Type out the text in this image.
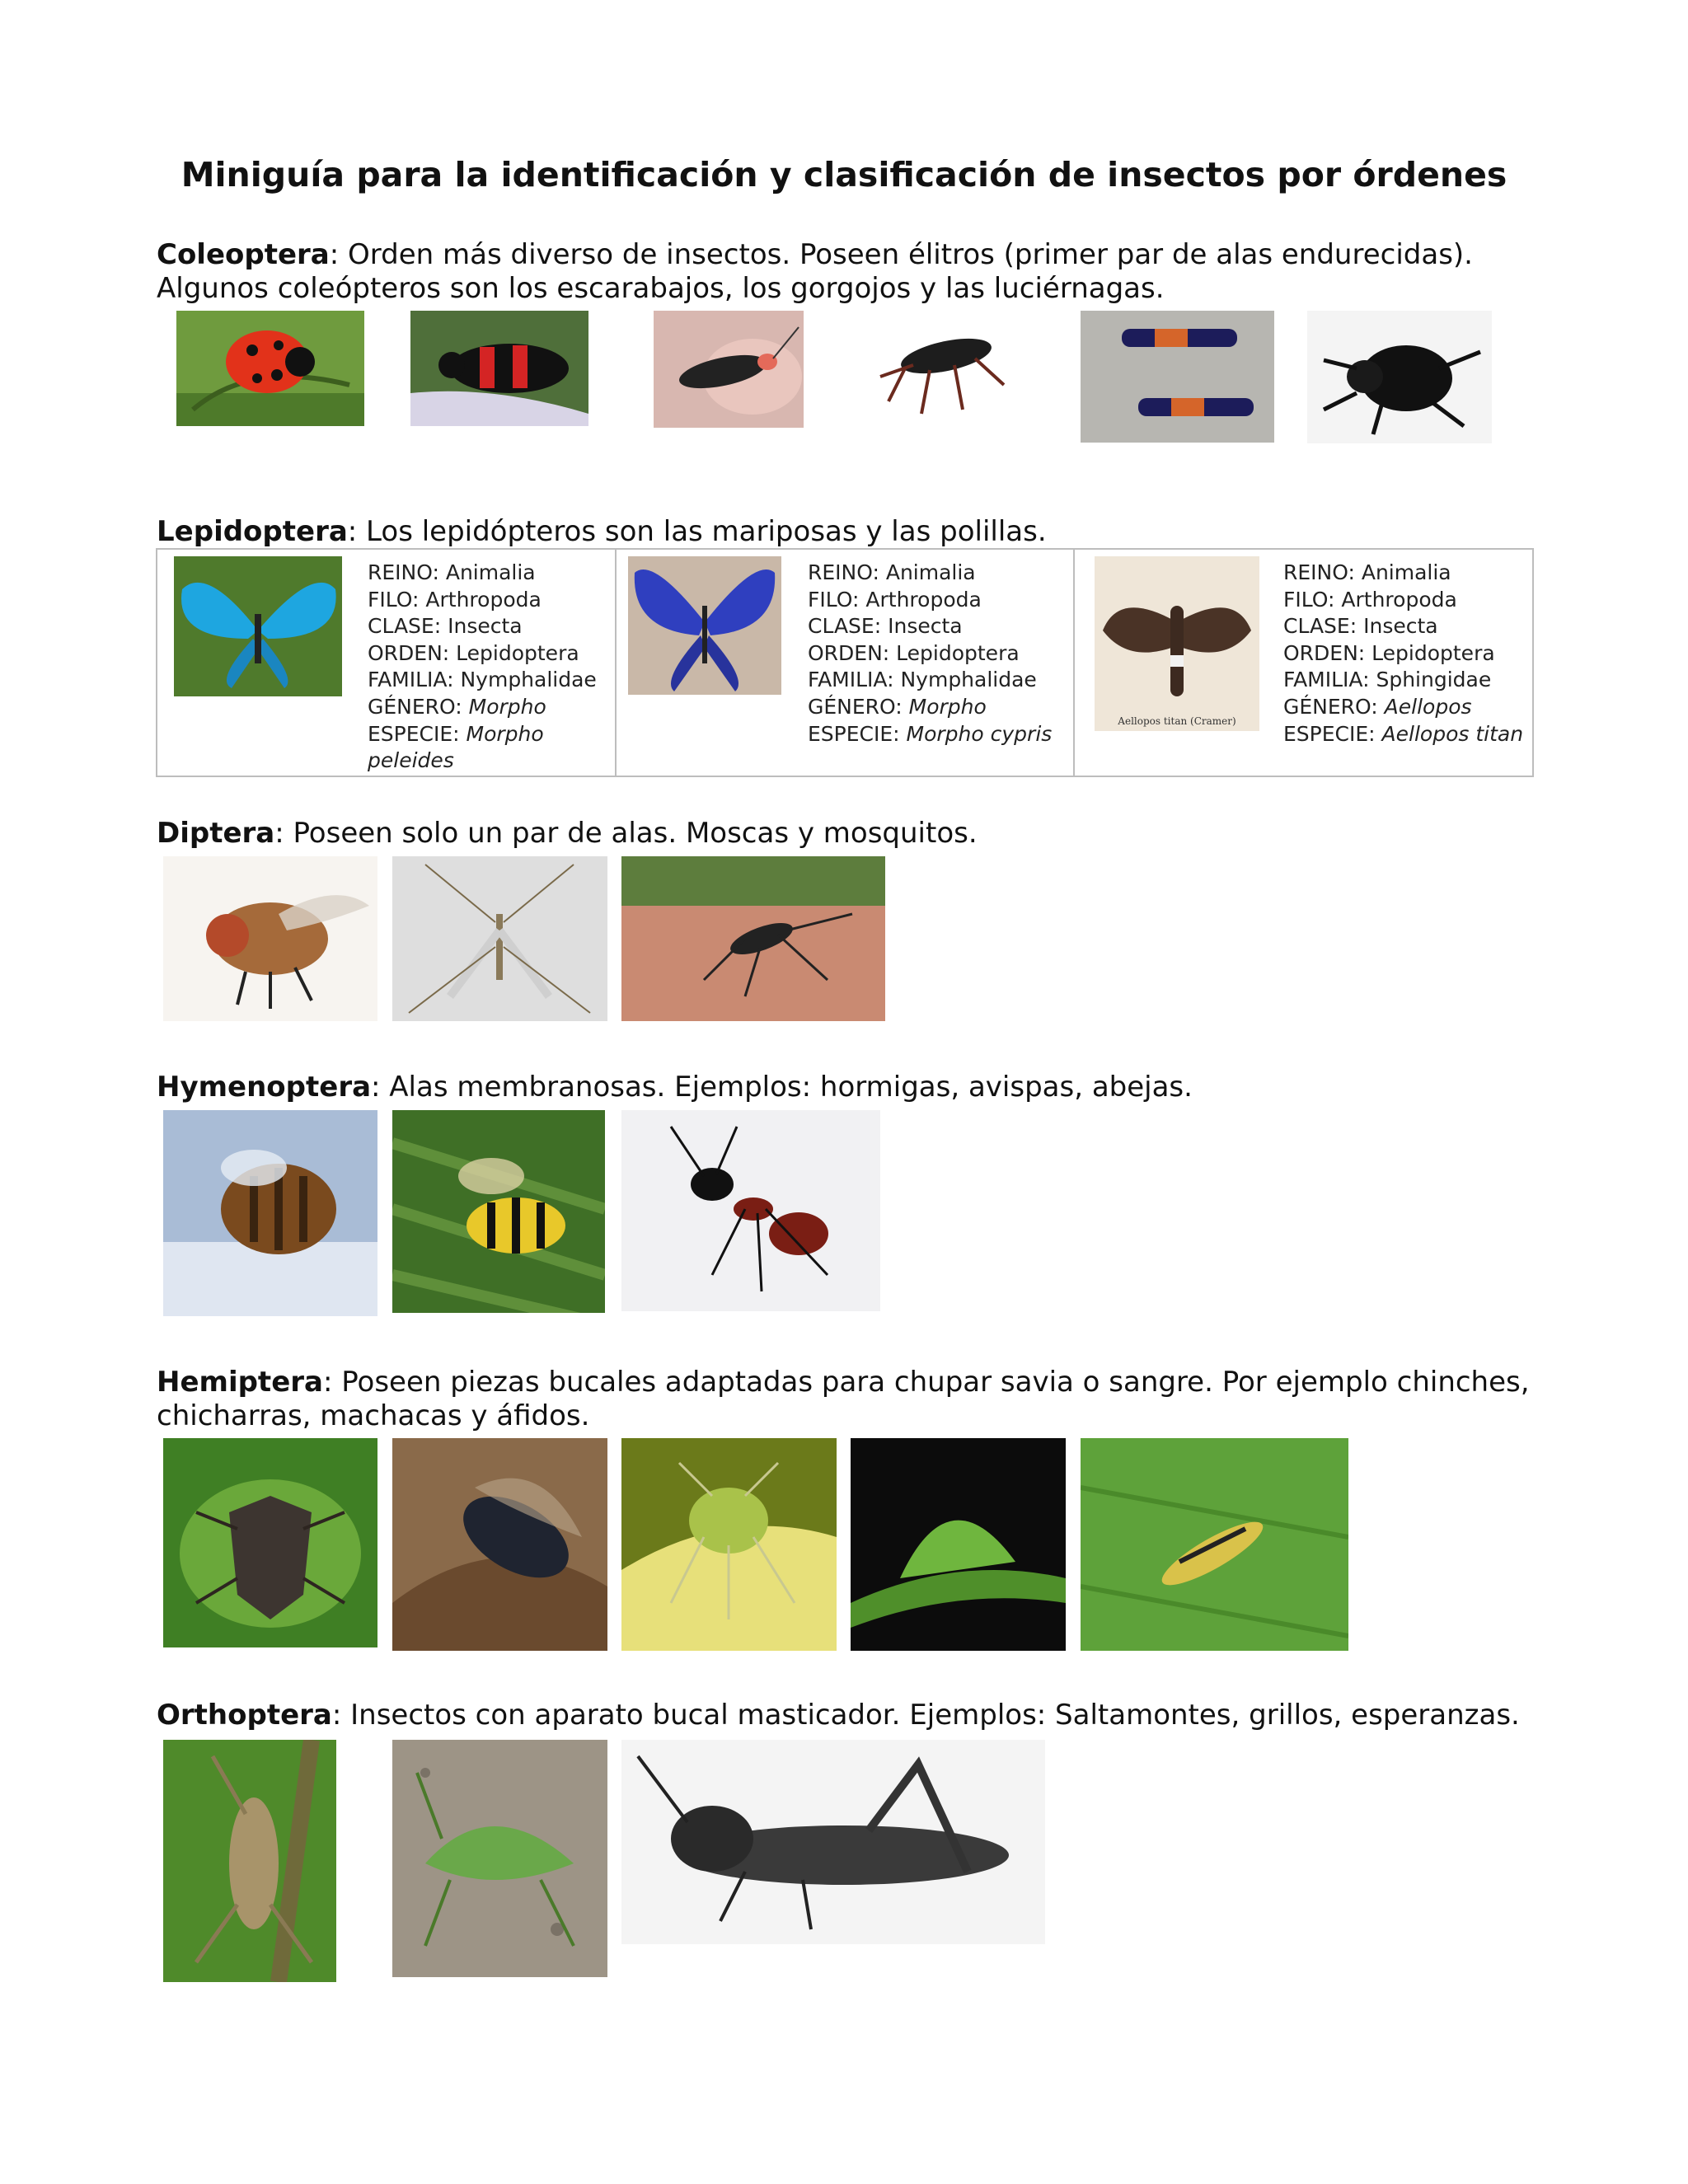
Miniguía para la identificación y clasificación de insectos por órdenes
Coleoptera: Orden más diverso de insectos. Poseen élitros (primer par de alas endurecidas).
Algunos coleópteros son los escarabajos, los gorgojos y las luciérnagas.
Lepidoptera: Los lepidópteros son las mariposas y las polillas.
REINO: Animalia
FILO: Arthropoda
CLASE: Insecta
ORDEN: Lepidoptera
FAMILIA: Nymphalidae
GÉNERO: Morpho
ESPECIE: Morpho
peleides
REINO: Animalia
FILO: Arthropoda
CLASE: Insecta
ORDEN: Lepidoptera
FAMILIA: Nymphalidae
GÉNERO: Morpho
ESPECIE: Morpho cypris
Aellopos titan (Cramer)
REINO: Animalia
FILO: Arthropoda
CLASE: Insecta
ORDEN: Lepidoptera
FAMILIA: Sphingidae
GÉNERO: Aellopos
ESPECIE: Aellopos titan
Diptera: Poseen solo un par de alas. Moscas y mosquitos.
Hymenoptera: Alas membranosas. Ejemplos: hormigas, avispas, abejas.
Hemiptera: Poseen piezas bucales adaptadas para chupar savia o sangre. Por ejemplo chinches,
chicharras, machacas y áfidos.
Orthoptera: Insectos con aparato bucal masticador. Ejemplos: Saltamontes, grillos, esperanzas.
